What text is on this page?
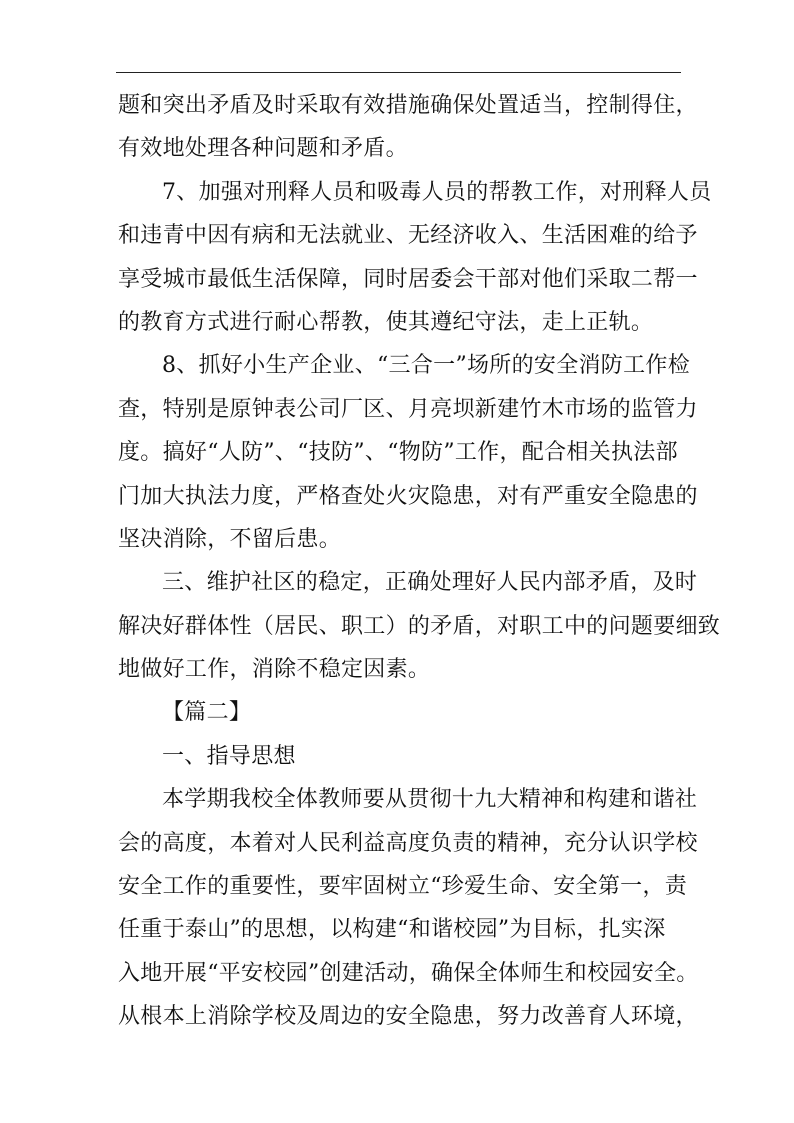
题和突出矛盾及时采取有效措施确保处置适当，控制得住，
有效地处理各种问题和矛盾。
7、加强对刑释人员和吸毒人员的帮教工作，对刑释人员
和违青中因有病和无法就业、无经济收入、生活困难的给予
享受城市最低生活保障，同时居委会干部对他们采取二帮一
的教育方式进行耐心帮教，使其遵纪守法，走上正轨。
8、抓好小生产企业、“三合一”场所的安全消防工作检
查，特别是原钟表公司厂区、月亮坝新建竹木市场的监管力
度。搞好“人防”、“技防”、“物防”工作，配合相关执法部
门加大执法力度，严格查处火灾隐患，对有严重安全隐患的
坚决消除，不留后患。
三、维护社区的稳定，正确处理好人民内部矛盾，及时
解决好群体性（居民、职工）的矛盾，对职工中的问题要细致
地做好工作，消除不稳定因素。
【篇二】
一、指导思想
本学期我校全体教师要从贯彻十九大精神和构建和谐社
会的高度，本着对人民利益高度负责的精神，充分认识学校
安全工作的重要性，要牢固树立“珍爱生命、安全第一，责
任重于泰山”的思想，以构建“和谐校园”为目标，扎实深
入地开展“平安校园”创建活动，确保全体师生和校园安全。
从根本上消除学校及周边的安全隐患，努力改善育人环境，
